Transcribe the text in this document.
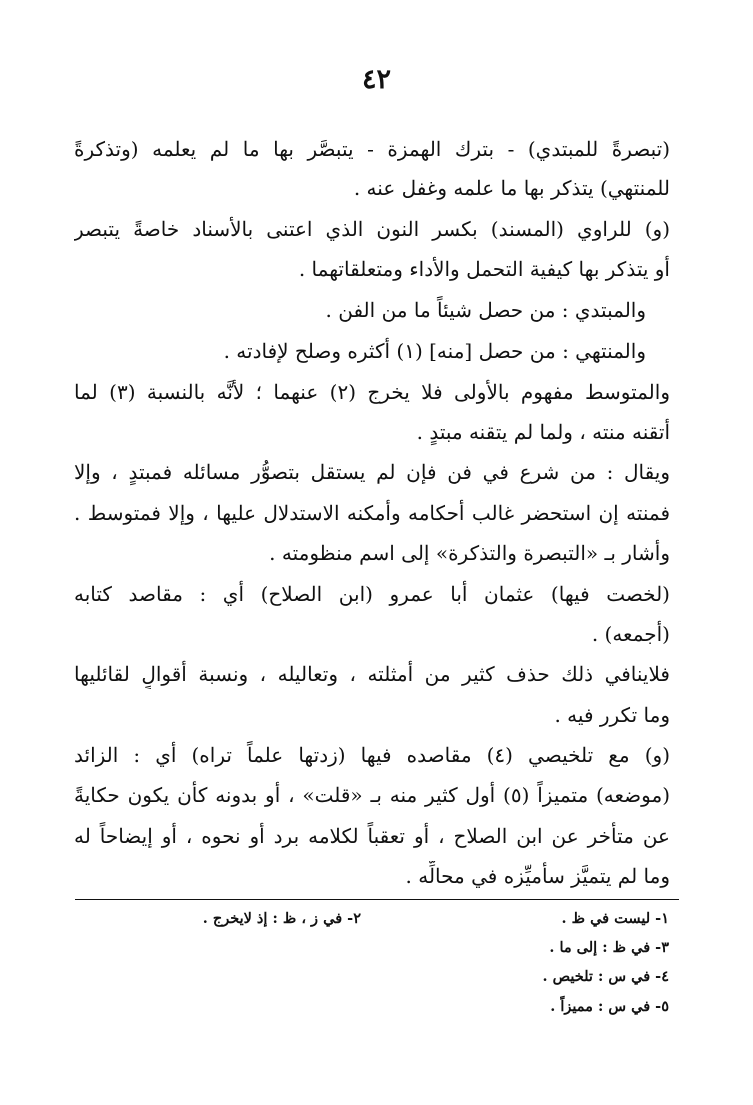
٤٢
(تبصرةً للمبتدي) - بترك الهمزة - يتبصَّر بها ما لم يعلمه (وتذكرةً
للمنتهي) يتذكر بها ما علمه وغفل عنه .
(و) للراوي (المسند) بكسر النون الذي اعتنى بالأسناد خاصةً يتبصر
أو يتذكر بها كيفية التحمل والأداء ومتعلقاتهما .
والمبتدي : من حصل شيئاً ما من الفن .
والمنتهي : من حصل [منه] (١) أكثره وصلح لإفادته .
والمتوسط مفهوم بالأولى فلا يخرج (٢) عنهما ؛ لأنَّه بالنسبة (٣) لما
أتقنه منته ، ولما لم يتقنه مبتدٍ .
ويقال : من شرع في فن فإن لم يستقل بتصوُّر مسائله فمبتدٍ ، وإلا
فمنته إن استحضر غالب أحكامه وأمكنه الاستدلال عليها ، وإلا فمتوسط .
وأشار بـ «التبصرة والتذكرة» إلى اسم منظومته .
(لخصت فيها) عثمان أبا عمرو (ابن الصلاح) أي : مقاصد كتابه
(أجمعه) .
فلاينافي ذلك حذف كثير من أمثلته ، وتعاليله ، ونسبة أقوالٍ لقائليها
وما تكرر فيه .
(و) مع تلخيصي (٤) مقاصده فيها (زدتها علماً تراه) أي : الزائد
(موضعه) متميزاً (٥) أول كثير منه بـ «قلت» ، أو بدونه كأن يكون حكايةً
عن متأخر عن ابن الصلاح ، أو تعقباً لكلامه برد أو نحوه ، أو إيضاحاً له
وما لم يتميَّز سأميِّزه في محالِّه .
١- ليست في ظ .
٢- في ز ، ظ : إذ لايخرج .
٣- في ظ : إلى ما .
٤- في س : تلخيص .
٥- في س : مميزاً .
